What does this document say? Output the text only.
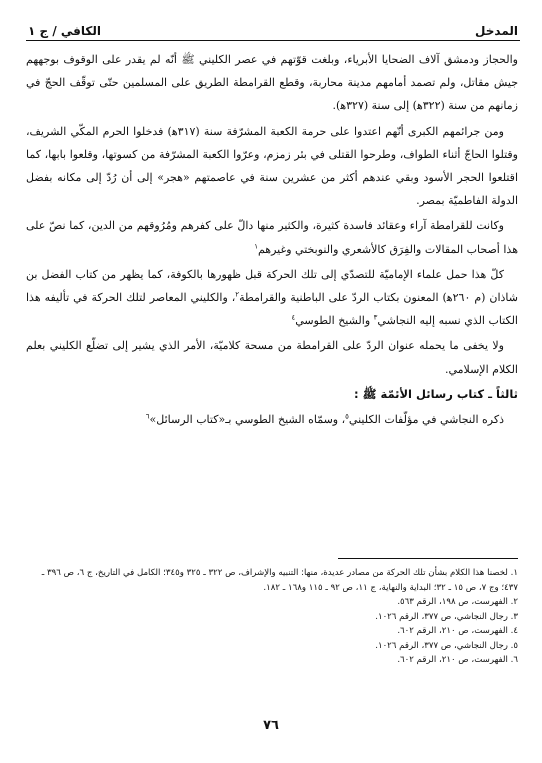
المدخل
الكافي / ج ١

والحجاز ودمشق آلاف الضحايا الأبرياء، وبلغت قوّتهم في عصر الكليني ﷺ أنّه لم يقدر على الوقوف بوجههم جيش مقاتل، ولم تصمد أمامهم مدينة محاربة، وقطع القرامطة الطريق على المسلمين حتّى توقّف الحجّ في زمانهم من سنة (٣٢٢ﻫ) إلى سنة (٣٢٧ﻫ).

ومن جرائمهم الكبرى أنّهم اعتدوا على حرمة الكعبة المشرّفة سنة (٣١٧ﻫ) فدخلوا الحرم المكّي الشريف، وقتلوا الحاجّ أثناء الطواف، وطرحوا القتلى في بئر زمزم، وعرّوا الكعبة المشرّفة من كسوتها، وقلعوا بابها، كما اقتلعوا الحجر الأسود وبقي عندهم أكثر من عشرين سنة في عاصمتهم «هجر» إلى أن رُدّ إلى مكانه بفضل الدولة الفاطميّة بمصر.

وكانت للقرامطة آراء وعقائد فاسدة كثيرة، والكثير منها دالّ على كفرهم ومُرُوقهم من الدين، كما نصّ على هذا أصحاب المقالات والفِرَق كالأشعري والنوبختي وغيرهم$^١$

كلّ هذا حمل علماء الإماميّة للتصدّي إلى تلك الحركة قبل ظهورها بالكوفة، كما يظهر من كتاب الفضل بن شاذان (م ٢٦٠ﻫ) المعنون بكتاب الردّ على الباطنية والقرامطة$^٢$، والكليني المعاصر لتلك الحركة في تأليفه هذا الكتاب الذي نسبه إليه النجاشي$^٣$ والشيخ الطوسي$^٤$

ولا يخفى ما يحمله عنوان الردّ على القرامطة من مسحة كلاميّة، الأمر الذي يشير إلى تضلّع الكليني بعلم الكلام الإسلامي.

ثالثاً ـ كتاب رسائل الأئمّة ﷺ :

ذكره النجاشي في مؤلّفات الكليني$^٥$، وسمّاه الشيخ الطوسي بـ«كتاب الرسائل»$^٦$

١. لخصنا هذا الكلام بشأن تلك الحركة من مصادر عديدة، منها: التنبيه والإشراف، ص ٣٢٢ ـ ٣٢٥ و٣٤٥؛ الكامل في التاريخ، ج ٦، ص ٣٩٦ ـ ٤٣٧؛ وج ٧، ص ١٥ ـ ٣٢؛ البداية والنهاية، ج ١١، ص ٩٢ ـ ١١٥ و١٦٨ ـ ١٨٢.
٢. الفهرست، ص ١٩٨، الرقم ٥٦٣.
٣. رجال النجاشي، ص ٣٧٧، الرقم ١٠٢٦.
٤. الفهرست، ص ٢١٠، الرقم ٦٠٢.
٥. رجال النجاشي، ص ٣٧٧، الرقم ١٠٢٦.
٦. الفهرست، ص ٢١٠، الرقم ٦٠٢.
٧٦
